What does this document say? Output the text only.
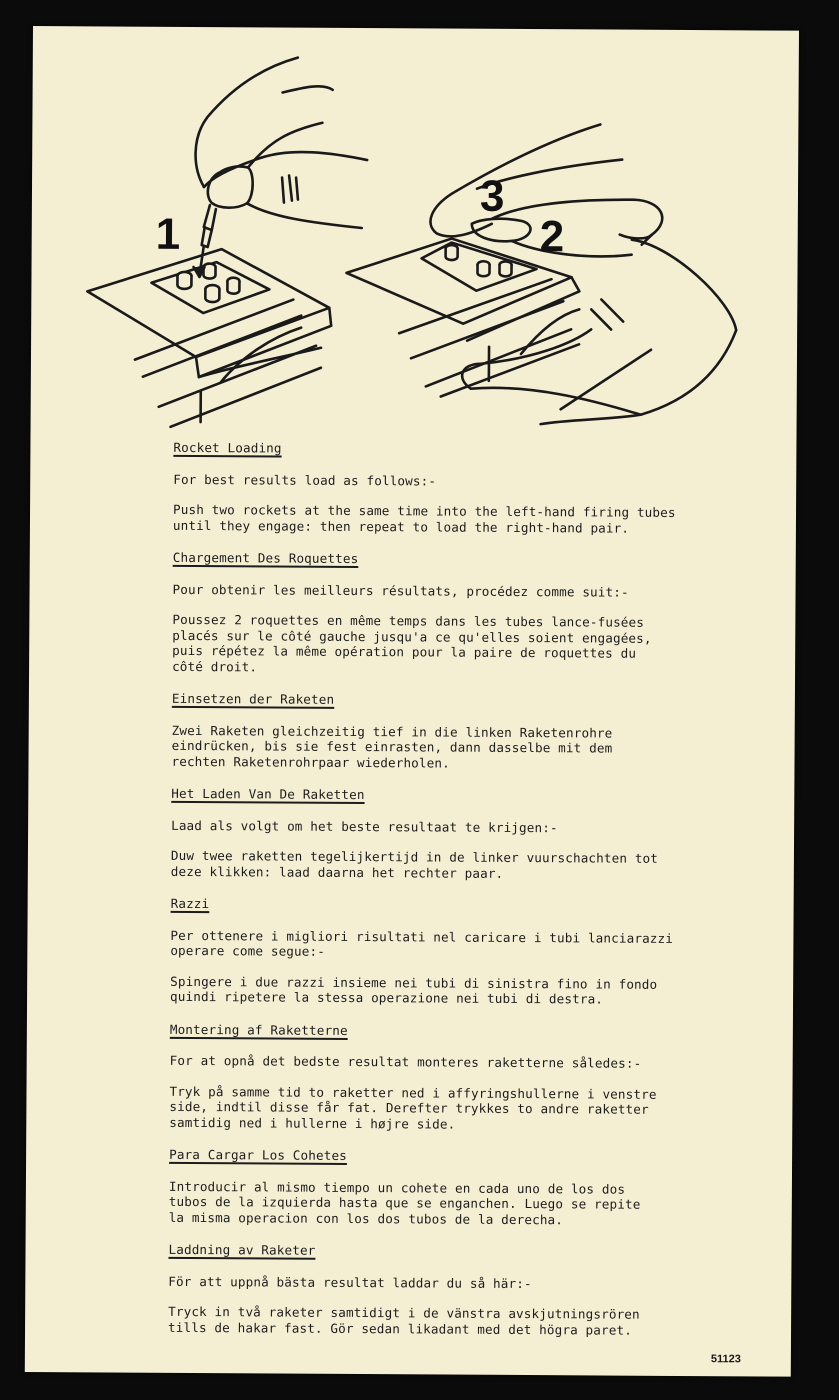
1
3
2
Rocket Loading

For best results load as follows:-

Push two rockets at the same time into the left-hand firing tubes
until they engage: then repeat to load the right-hand pair.

Chargement Des Roquettes

Pour obtenir les meilleurs résultats, procédez comme suit:-

Poussez 2 roquettes en même temps dans les tubes lance-fusées
placés sur le côté gauche jusqu'a ce qu'elles soient engagées,
puis répétez la même opération pour la paire de roquettes du
côté droit.

Einsetzen der Raketen

Zwei Raketen gleichzeitig tief in die linken Raketenrohre
eindrücken, bis sie fest einrasten, dann dasselbe mit dem
rechten Raketenrohrpaar wiederholen.

Het Laden Van De Raketten

Laad als volgt om het beste resultaat te krijgen:-

Duw twee raketten tegelijkertijd in de linker vuurschachten tot
deze klikken: laad daarna het rechter paar.

Razzi

Per ottenere i migliori risultati nel caricare i tubi lanciarazzi
operare come segue:-

Spingere i due razzi insieme nei tubi di sinistra fino in fondo
quindi ripetere la stessa operazione nei tubi di destra.

Montering af Raketterne

For at opnå det bedste resultat monteres raketterne således:-

Tryk på samme tid to raketter ned i affyringshullerne i venstre
side, indtil disse får fat. Derefter trykkes to andre raketter
samtidig ned i hullerne i højre side.

Para Cargar Los Cohetes

Introducir al mismo tiempo un cohete en cada uno de los dos
tubos de la izquierda hasta que se enganchen. Luego se repite
la misma operacion con los dos tubos de la derecha.

Laddning av Raketer

För att uppnå bästa resultat laddar du så här:-

Tryck in två raketer samtidigt i de vänstra avskjutningsrören
tills de hakar fast. Gör sedan likadant med det högra paret.

51123
